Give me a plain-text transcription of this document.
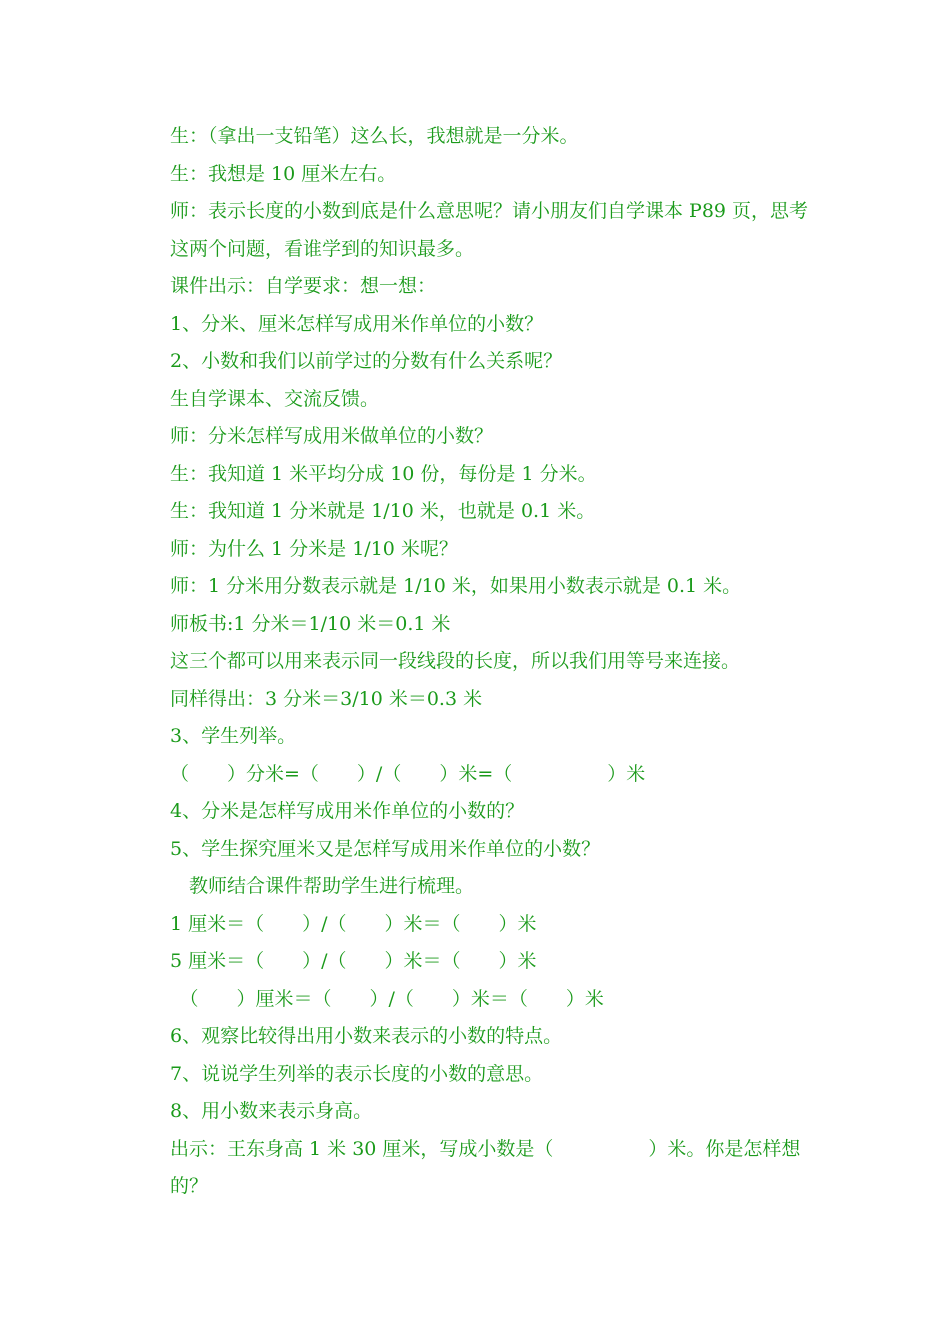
生：（拿出一支铅笔）这么长，我想就是一分米。
生：我想是 10 厘米左右。
师：表示长度的小数到底是什么意思呢？请小朋友们自学课本 P89 页，思考这两个问题，看谁学到的知识最多。
课件出示：自学要求：想一想：
1、分米、厘米怎样写成用米作单位的小数？
2、小数和我们以前学过的分数有什么关系呢？
生自学课本、交流反馈。
师：分米怎样写成用米做单位的小数？
生：我知道 1 米平均分成 10 份，每份是 1 分米。
生：我知道 1 分米就是 1/10 米，也就是 0.1 米。
师：为什么 1 分米是 1/10 米呢？
师：1 分米用分数表示就是 1/10 米，如果用小数表示就是 0.1 米。
师板书:1 分米＝1/10 米＝0.1 米
这三个都可以用来表示同一段线段的长度，所以我们用等号来连接。
同样得出：3 分米＝3/10 米＝0.3 米
3、学生列举。
（　　）分米=（　　）/（　　）米=（　　　　　）米
4、分米是怎样写成用米作单位的小数的？
5、学生探究厘米又是怎样写成用米作单位的小数？
　教师结合课件帮助学生进行梳理。
1 厘米＝（　　）/（　　）米＝（　　）米
5 厘米＝（　　）/（　　）米＝（　　）米
　（　　）厘米＝（　　）/（　　）米＝（　　）米
6、观察比较得出用小数来表示的小数的特点。
7、说说学生列举的表示长度的小数的意思。
8、用小数来表示身高。
出示：王东身高 1 米 30 厘米，写成小数是（　　　　　）米。你是怎样想的？
